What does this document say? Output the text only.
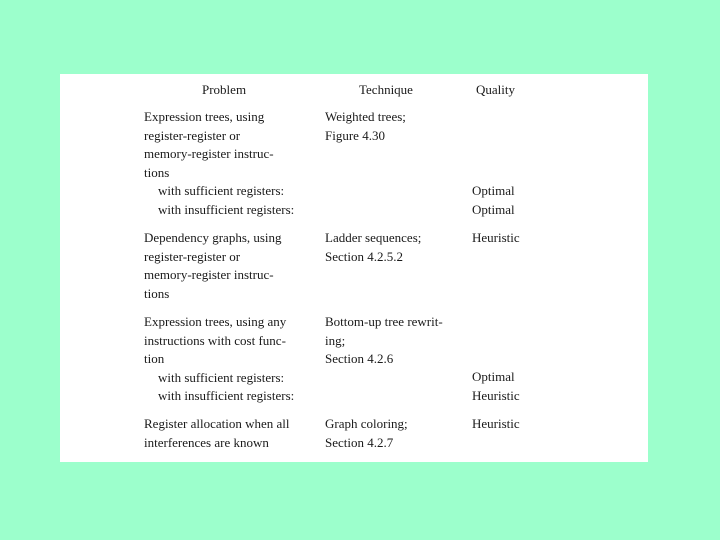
Problem	Technique	Quality
Expression trees, using
register-register or
memory-register instruc-
tions
with sufficient registers:
with insufficient registers:
Weighted trees;
Figure 4.30
Optimal
Optimal
Dependency graphs, using
register-register or
memory-register instruc-
tions
Ladder sequences;
Section 4.2.5.2
Heuristic
Expression trees, using any
instructions with cost func-
tion
with sufficient registers:
with insufficient registers:
Bottom-up tree rewrit-
ing;
Section 4.2.6
Optimal
Heuristic
Register allocation when all
interferences are known
Graph coloring;
Section 4.2.7
Heuristic
